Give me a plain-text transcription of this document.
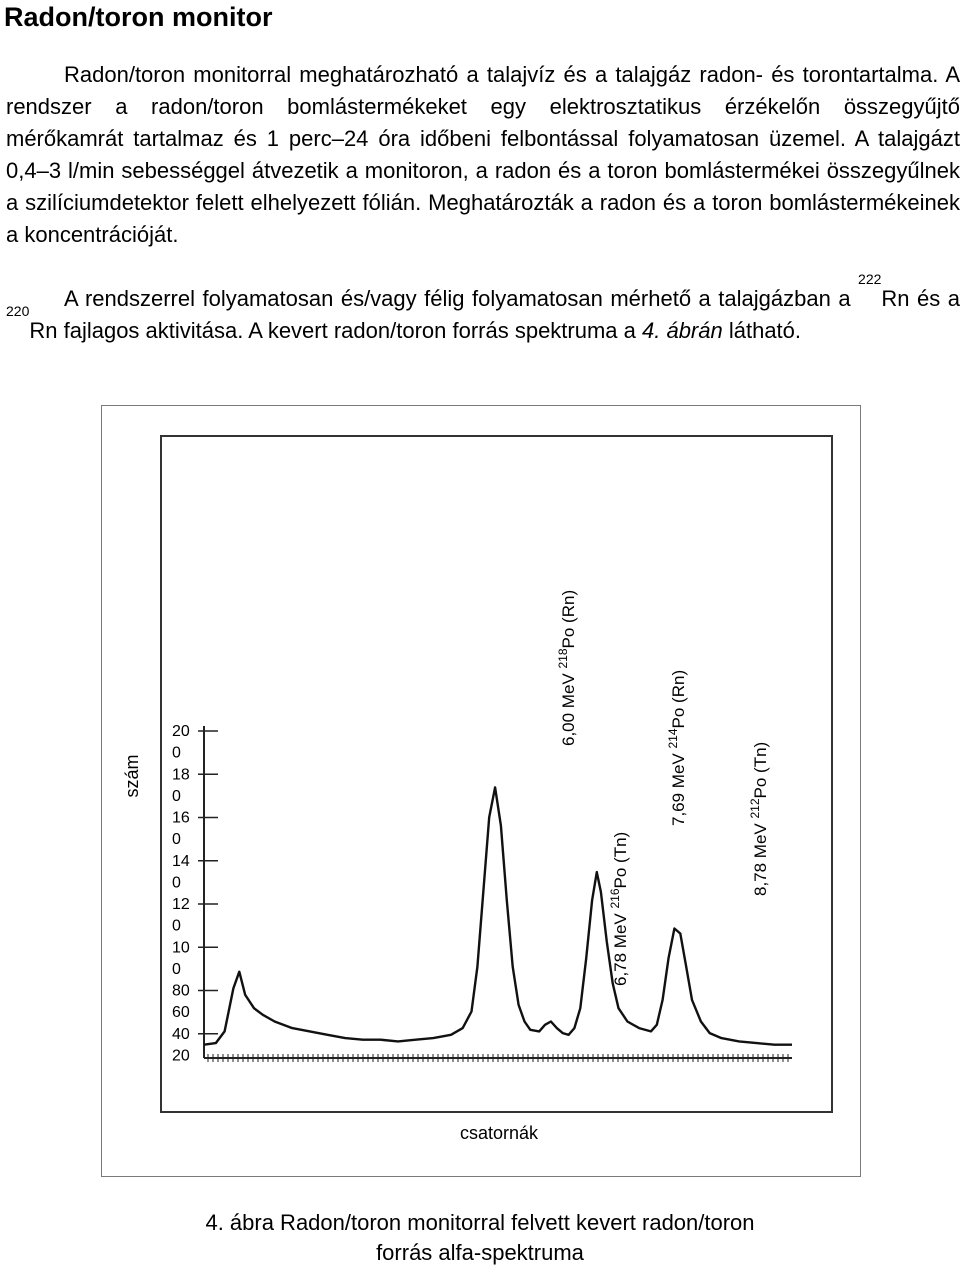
Radon/toron monitor

Radon/toron monitorral meghatározható a talajvíz és a talajgáz radon- és torontartalma. A rendszer a radon/toron bomlástermékeket egy elektrosztatikus érzékelőn összegyűjtő mérőkamrát tartalmaz és 1 perc–24 óra időbeni felbontással folyamatosan üzemel. A talajgázt 0,4–3 l/min sebességgel átvezetik a monitoron, a radon és a toron bomlástermékei összegyűlnek a szilíciumdetektor felett elhelyezett fólián. Meghatározták a radon és a toron bomlástermékeinek a koncentrációját.

A rendszerrel folyamatosan és/vagy félig folyamatosan mérhető a talajgázban a $^{222}$Rn és a $^{220}$Rn fajlagos aktivitása. A kevert radon/toron forrás spektruma a 4. ábrán látható.

20
0
18
0
16
0
14
0
12
0
10
0
80
60
40
20
szám
csatornák
6,00 MeV $^{218}$Po (Rn)
6,78 MeV $^{216}$Po (Tn)
7,69 MeV $^{214}$Po (Rn)
8,78 MeV $^{212}$Po (Tn)

4. ábra Radon/toron monitorral felvett kevert radon/toron
forrás alfa-spektruma
